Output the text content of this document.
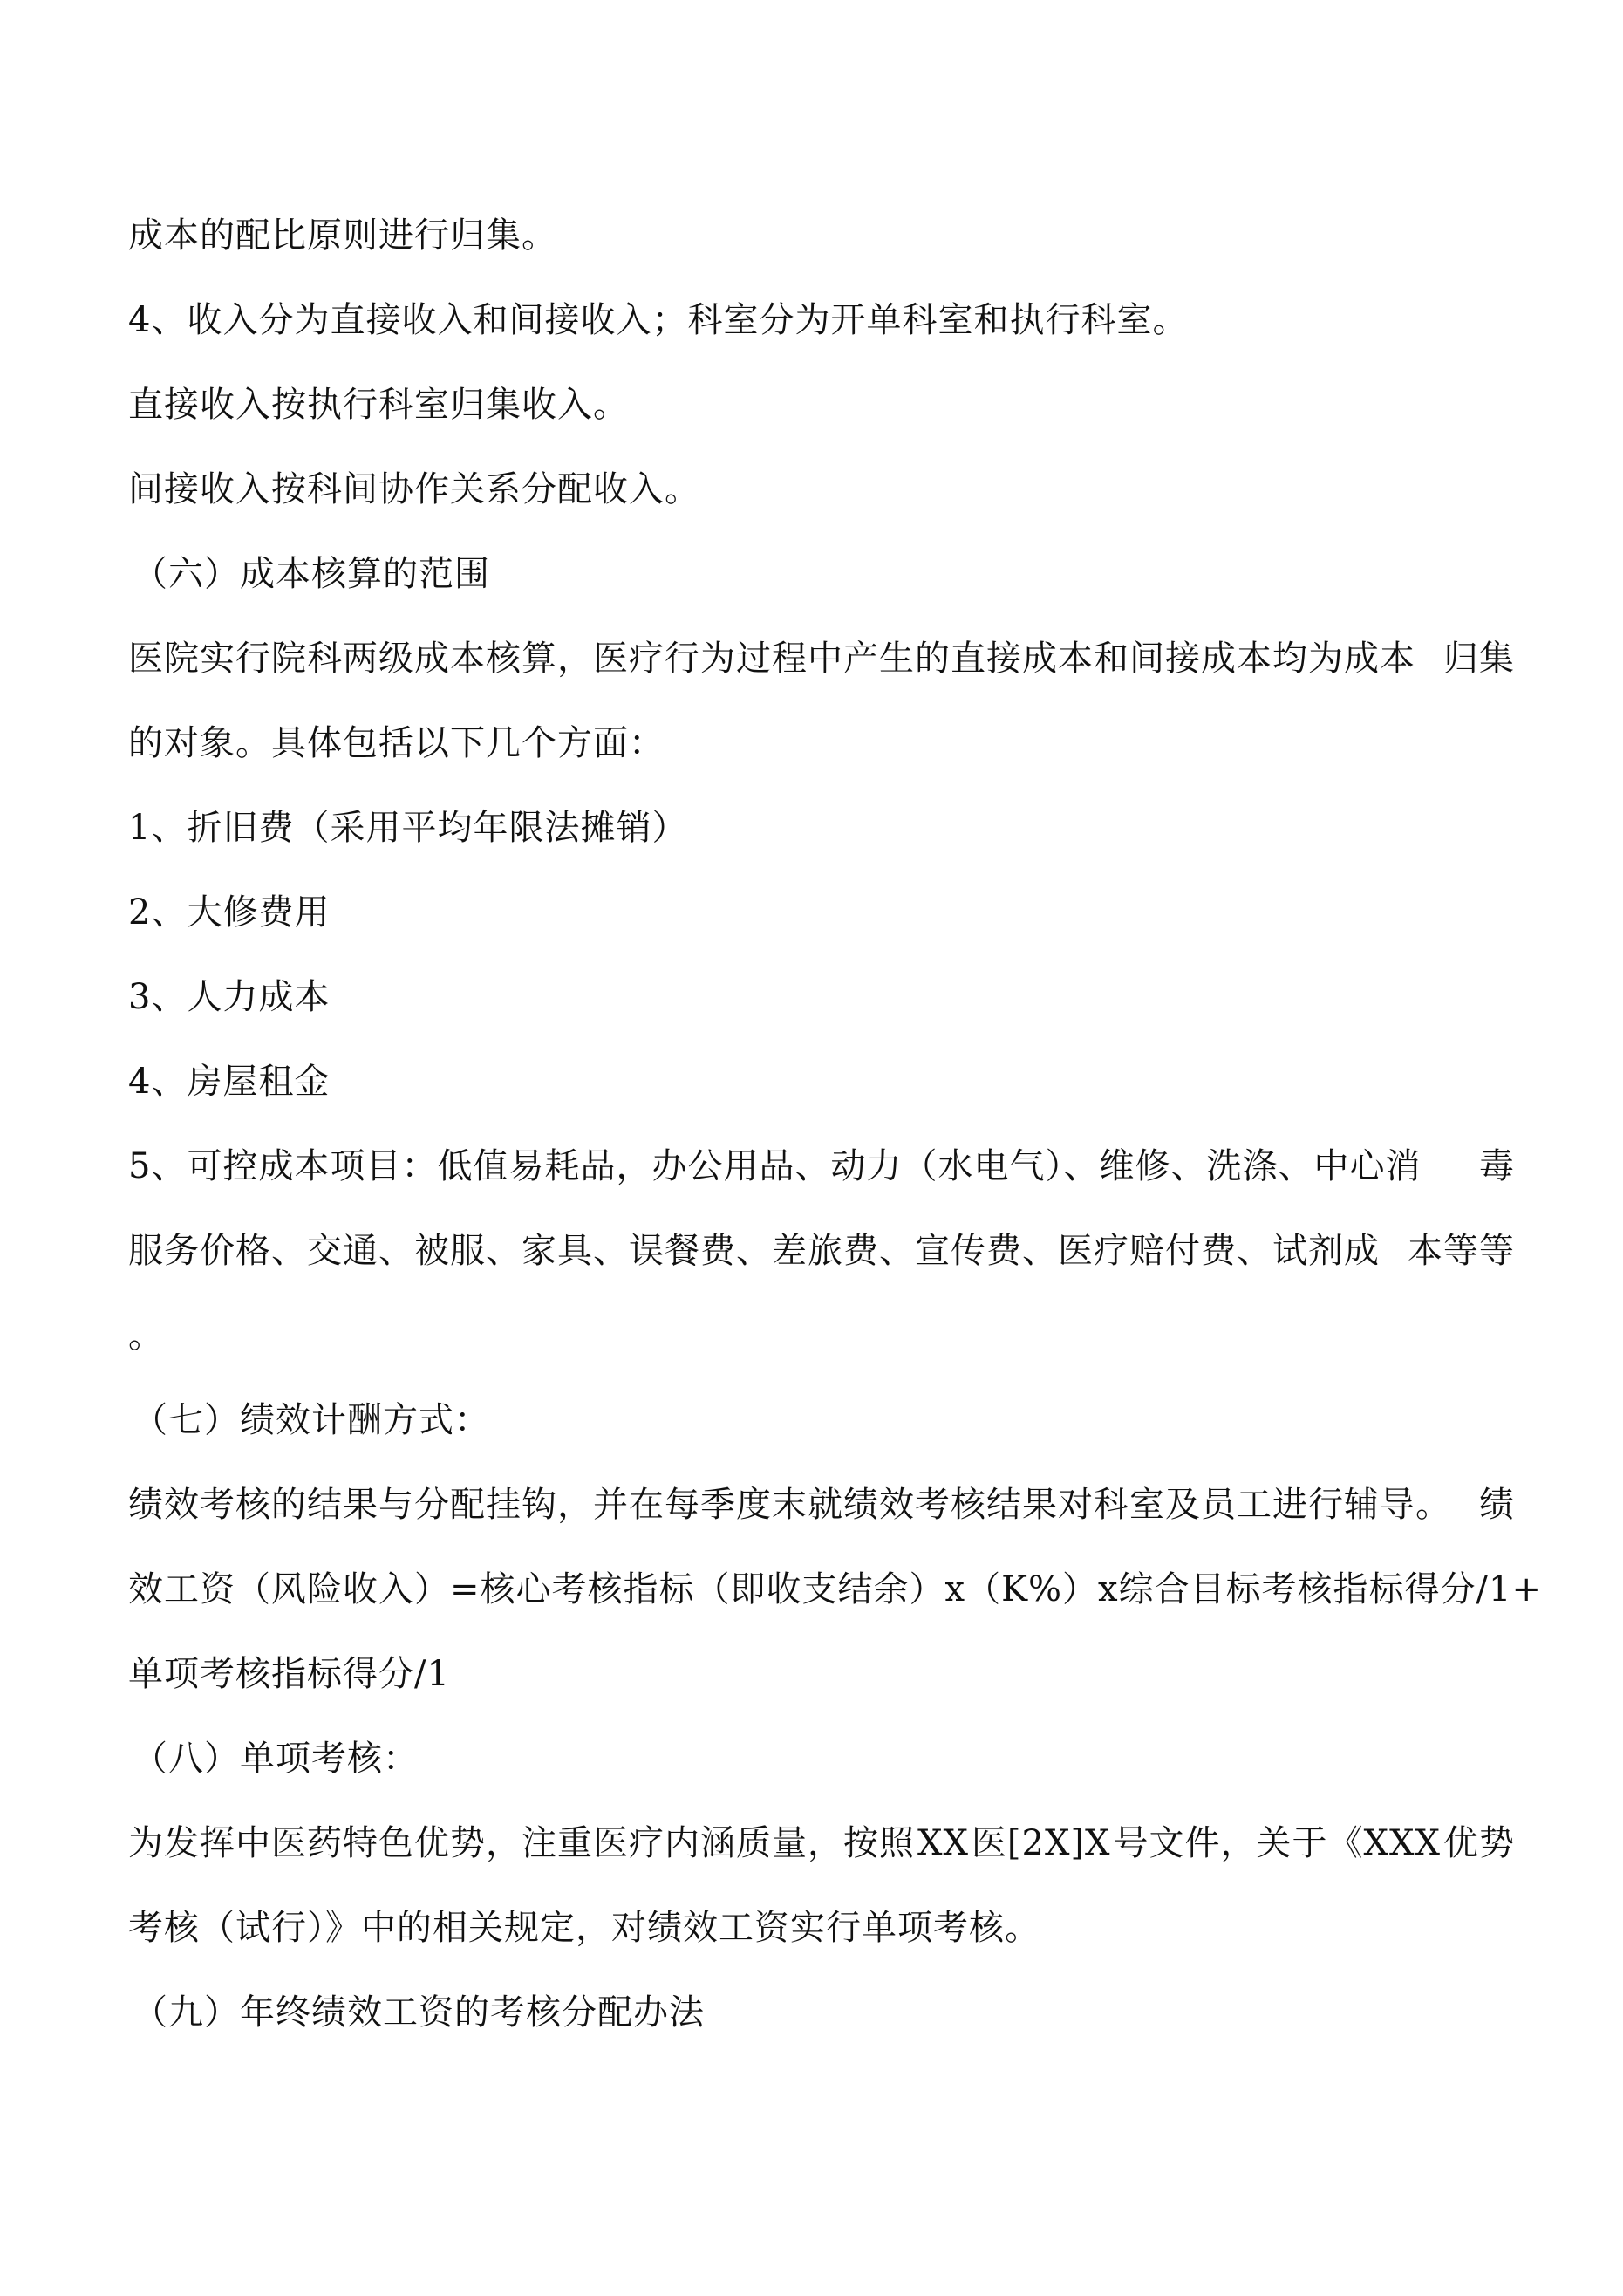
成本的配比原则进行归集。
4、收入分为直接收入和间接收入；科室分为开单科室和执行科室。
直接收入按执行科室归集收入。
间接收入按科间协作关系分配收入。
（六）成本核算的范围
医院实行院科两级成本核算，医疗行为过程中产生的直接成本和间接成本均为成本 归集
的对象。具体包括以下几个方面：
1、折旧费（采用平均年限法摊销）
2、大修费用
3、人力成本
4、房屋租金
5、可控成本项目：低值易耗品，办公用品、动力（水电气）、维修、洗涤、中心消 毒
服务价格、交通、被服、家具、误餐费、差旅费、宣传费、医疗赔付费、试剂成 本等等
。
（七）绩效计酬方式：
绩效考核的结果与分配挂钩，并在每季度末就绩效考核结果对科室及员工进行辅导。 绩
效工资（风险收入）=核心考核指标（即收支结余）x（K%）x 综合目标考核指标 得分/1+
单项考核指标得分/1
（八）单项考核：
为发挥中医药特色优势，注重医疗内涵质量，按照 XX 医[2X]X 号文件，关于《XXX 优势
考核（试行）》中的相关规定，对绩效工资实行单项考核。
（九）年终绩效工资的考核分配办法
